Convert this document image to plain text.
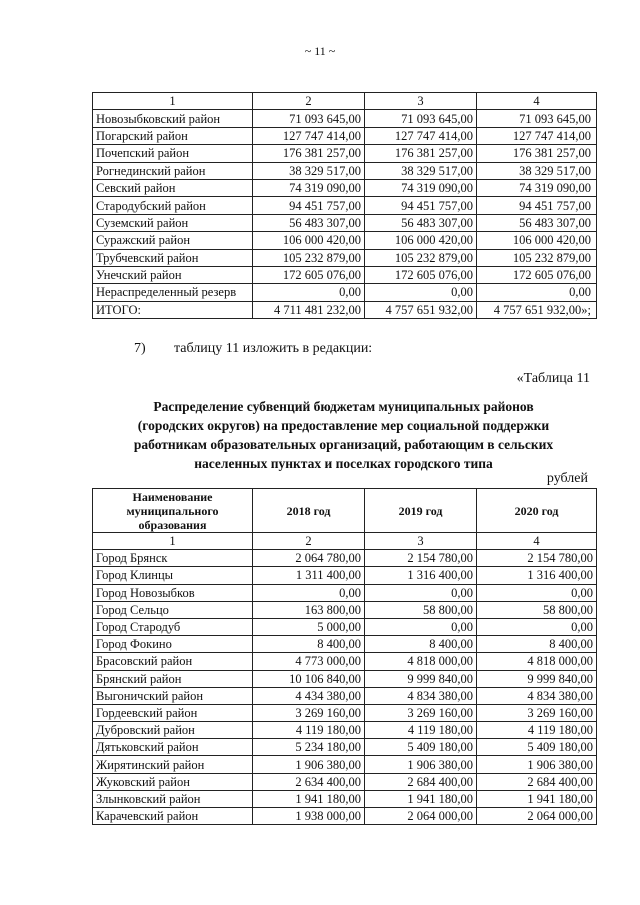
~ 11 ~
1	2	3	4
Новозыбковский район	71 093 645,00	71 093 645,00	71 093 645,00
Погарский район	127 747 414,00	127 747 414,00	127 747 414,00
Почепский район	176 381 257,00	176 381 257,00	176 381 257,00
Рогнединский район	38 329 517,00	38 329 517,00	38 329 517,00
Севский район	74 319 090,00	74 319 090,00	74 319 090,00
Стародубский район	94 451 757,00	94 451 757,00	94 451 757,00
Суземский район	56 483 307,00	56 483 307,00	56 483 307,00
Суражский район	106 000 420,00	106 000 420,00	106 000 420,00
Трубчевский район	105 232 879,00	105 232 879,00	105 232 879,00
Унечский район	172 605 076,00	172 605 076,00	172 605 076,00
Нераспределенный резерв	0,00	0,00	0,00
ИТОГО:	4 711 481 232,00	4 757 651 932,00	4 757 651 932,00»;
7) таблицу 11 изложить в редакции:
«Таблица 11
Распределение субвенций бюджетам муниципальных районов
(городских округов) на предоставление мер социальной поддержки
работникам образовательных организаций, работающим в сельских
населенных пунктах и поселках городского типа
рублей
Наименование муниципального образования	2018 год	2019 год	2020 год
1	2	3	4
Город Брянск	2 064 780,00	2 154 780,00	2 154 780,00
Город Клинцы	1 311 400,00	1 316 400,00	1 316 400,00
Город Новозыбков	0,00	0,00	0,00
Город Сельцо	163 800,00	58 800,00	58 800,00
Город Стародуб	5 000,00	0,00	0,00
Город Фокино	8 400,00	8 400,00	8 400,00
Брасовский район	4 773 000,00	4 818 000,00	4 818 000,00
Брянский район	10 106 840,00	9 999 840,00	9 999 840,00
Выгоничский район	4 434 380,00	4 834 380,00	4 834 380,00
Гордеевский район	3 269 160,00	3 269 160,00	3 269 160,00
Дубровский район	4 119 180,00	4 119 180,00	4 119 180,00
Дятьковский район	5 234 180,00	5 409 180,00	5 409 180,00
Жирятинский район	1 906 380,00	1 906 380,00	1 906 380,00
Жуковский район	2 634 400,00	2 684 400,00	2 684 400,00
Злынковский район	1 941 180,00	1 941 180,00	1 941 180,00
Карачевский район	1 938 000,00	2 064 000,00	2 064 000,00
